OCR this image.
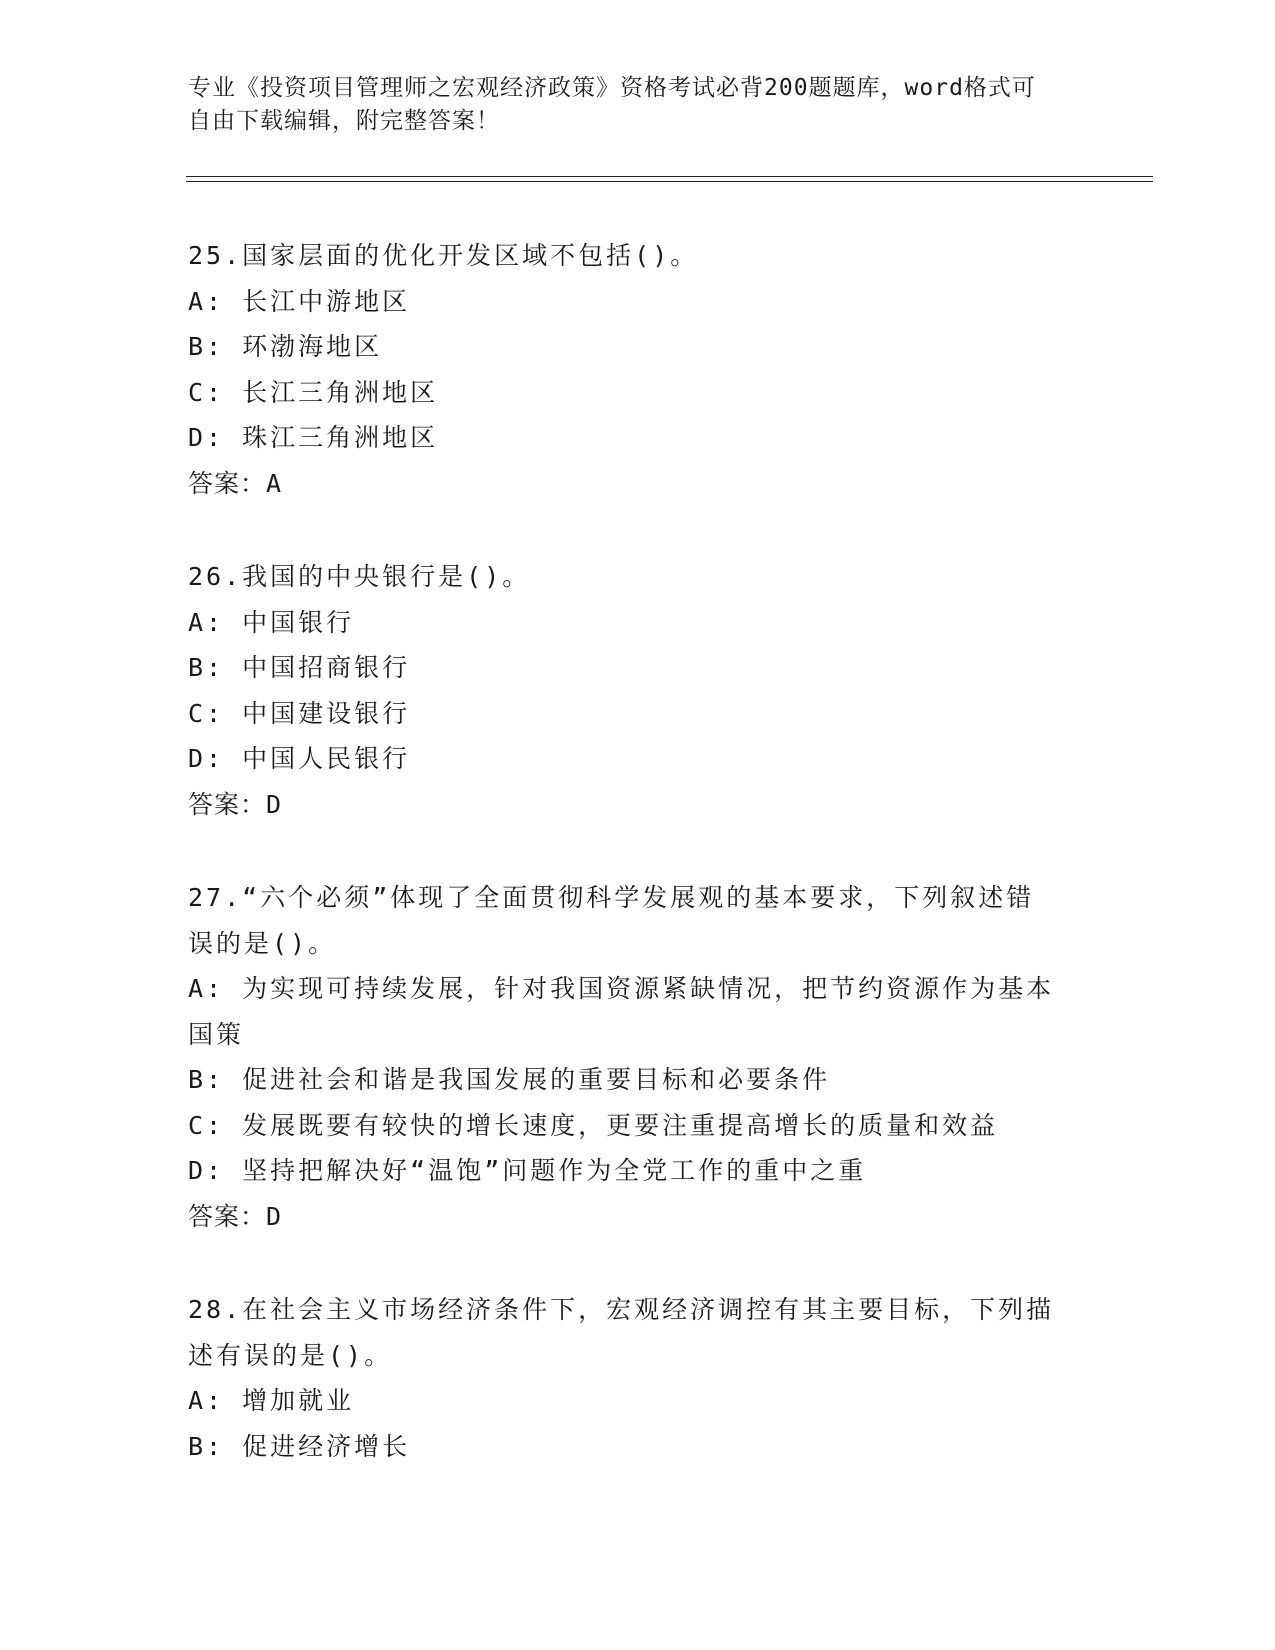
专业《投资项目管理师之宏观经济政策》资格考试必背200题题库，word格式可
自由下载编辑，附完整答案！
25.国家层面的优化开发区域不包括()。
A: 长江中游地区
B: 环渤海地区
C: 长江三角洲地区
D: 珠江三角洲地区
答案：A
26.我国的中央银行是()。
A: 中国银行
B: 中国招商银行
C: 中国建设银行
D: 中国人民银行
答案：D
27.“六个必须”体现了全面贯彻科学发展观的基本要求，下列叙述错
误的是()。
A: 为实现可持续发展，针对我国资源紧缺情况，把节约资源作为基本
国策
B: 促进社会和谐是我国发展的重要目标和必要条件
C: 发展既要有较快的增长速度，更要注重提高增长的质量和效益
D: 坚持把解决好“温饱”问题作为全党工作的重中之重
答案：D
28.在社会主义市场经济条件下，宏观经济调控有其主要目标，下列描
述有误的是()。
A: 增加就业
B: 促进经济增长
